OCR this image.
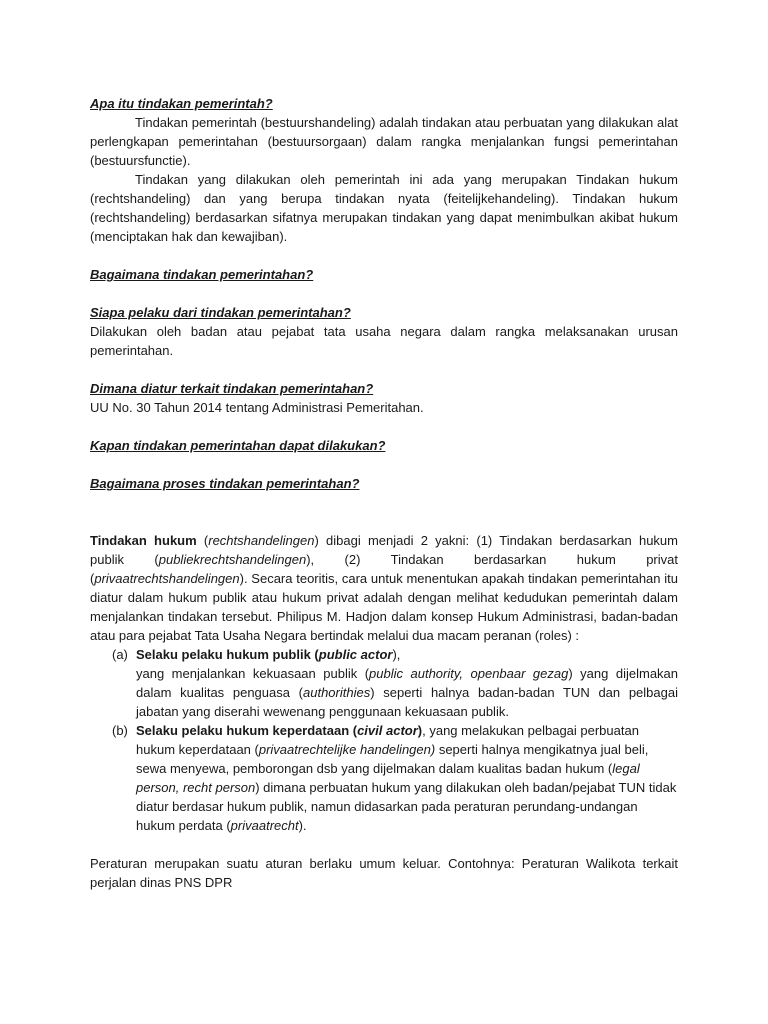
Apa itu tindakan pemerintah?

Tindakan pemerintah (bestuurshandeling) adalah tindakan atau perbuatan yang dilakukan alat perlengkapan pemerintahan (bestuursorgaan) dalam rangka menjalankan fungsi pemerintahan (bestuursfunctie).

Tindakan yang dilakukan oleh pemerintah ini ada yang merupakan Tindakan hukum (rechtshandeling) dan yang berupa tindakan nyata (feitelijkehandeling). Tindakan hukum (rechtshandeling) berdasarkan sifatnya merupakan tindakan yang dapat menimbulkan akibat hukum (menciptakan hak dan kewajiban).

Bagaimana tindakan pemerintahan?

Siapa pelaku dari tindakan pemerintahan?

Dilakukan oleh badan atau pejabat tata usaha negara dalam rangka melaksanakan urusan pemerintahan.

Dimana diatur terkait tindakan pemerintahan?

UU No. 30 Tahun 2014 tentang Administrasi Pemeritahan.

Kapan tindakan pemerintahan dapat dilakukan?

Bagaimana proses tindakan pemerintahan?

Tindakan hukum (rechtshandelingen) dibagi menjadi 2 yakni: (1) Tindakan berdasarkan hukum publik (publiekrechtshandelingen), (2) Tindakan berdasarkan hukum privat (privaatrechtshandelingen). Secara teoritis, cara untuk menentukan apakah tindakan pemerintahan itu diatur dalam hukum publik atau hukum privat adalah dengan melihat kedudukan pemerintah dalam menjalankan tindakan tersebut. Philipus M. Hadjon dalam konsep Hukum Administrasi, badan-badan atau para pejabat Tata Usaha Negara bertindak melalui dua macam peranan (roles) :

(a) Selaku pelaku hukum publik (public actor),

yang menjalankan kekuasaan publik (public authority, openbaar gezag) yang dijelmakan dalam kualitas penguasa (authorithies) seperti halnya badan-badan TUN dan pelbagai jabatan yang diserahi wewenang penggunaan kekuasaan publik.

(b) Selaku pelaku hukum keperdataan (civil actor), yang melakukan pelbagai perbuatan hukum keperdataan (privaatrechtelijke handelingen) seperti halnya mengikatnya jual beli, sewa menyewa, pemborongan dsb yang dijelmakan dalam kualitas badan hukum (legal person, recht person) dimana perbuatan hukum yang dilakukan oleh badan/pejabat TUN tidak diatur berdasar hukum publik, namun didasarkan pada peraturan perundang-undangan hukum perdata (privaatrecht).

Peraturan merupakan suatu aturan berlaku umum keluar. Contohnya: Peraturan Walikota terkait perjalan dinas PNS DPR
